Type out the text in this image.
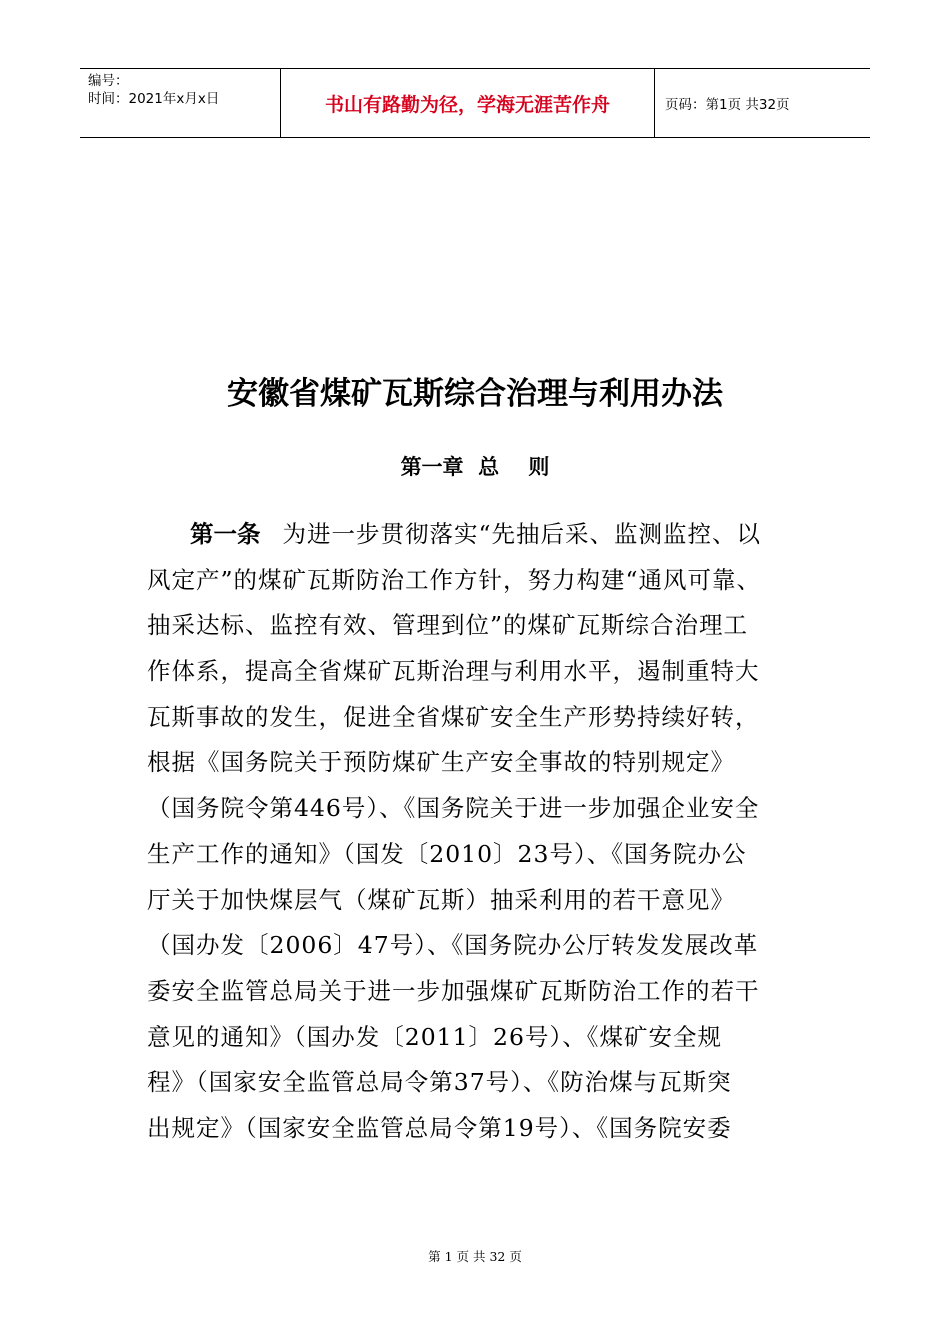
编号：
时间：2021年x月x日	书山有路勤为径，学海无涯苦作舟	页码：第1页 共32页
安徽省煤矿瓦斯综合治理与利用办法
第一章  总    则
第一条 为进一步贯彻落实“先抽后采、监测监控、以
风定产”的煤矿瓦斯防治工作方针，努力构建“通风可靠、
抽采达标、监控有效、管理到位”的煤矿瓦斯综合治理工
作体系，提高全省煤矿瓦斯治理与利用水平，遏制重特大
瓦斯事故的发生，促进全省煤矿安全生产形势持续好转，
根据《国务院关于预防煤矿生产安全事故的特别规定》
（国务院令第446号）、《国务院关于进一步加强企业安全
生产工作的通知》（国发〔2010〕23号）、《国务院办公
厅关于加快煤层气（煤矿瓦斯）抽采利用的若干意见》
（国办发〔2006〕47号）、《国务院办公厅转发发展改革
委安全监管总局关于进一步加强煤矿瓦斯防治工作的若干
意见的通知》（国办发〔2011〕26号）、《煤矿安全规
程》（国家安全监管总局令第37号）、《防治煤与瓦斯突
出规定》（国家安全监管总局令第19号）、《国务院安委
第 1 页 共 32 页
